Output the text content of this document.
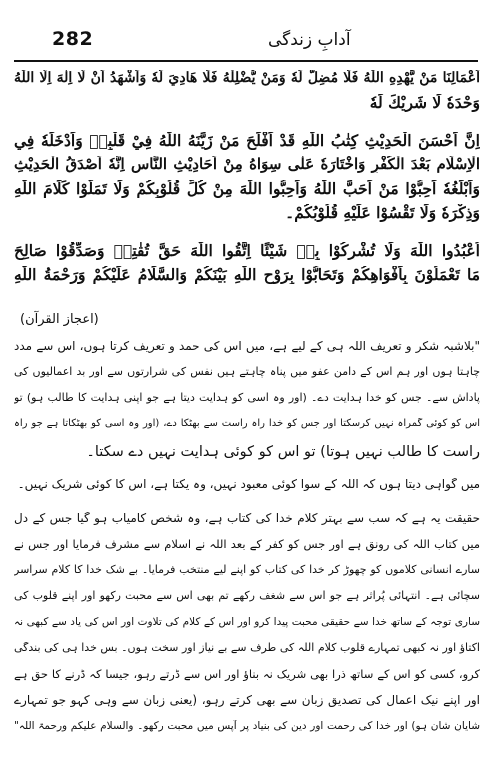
282	آدابِ زندگی
اَعْمَالِنَا مَنْ يَّهْدِهِ اللّٰهُ فَلَا مُضِلَّ لَهٗ وَمَنْ يُّضْلِلْهُ فَلَا هَادِيَ لَهٗ وَاَشْهَدُ اَنْ لَّا اِلٰهَ اِلَّا اللّٰهُ
وَحْدَهٗ لَا شَرِيْكَ لَهٗ
اِنَّ اَحْسَنَ الْحَدِيْثِ كِتٰبُ اللّٰهِ قَدْ اَفْلَحَ مَنْ زَيَّنَهُ اللّٰهُ فِيْ قَلْبِهٖ وَاَدْخَلَهٗ فِي
الْاِسْلَامِ بَعْدَ الْكُفْرِ وَاخْتَارَهٗ عَلٰى سِوَاهُ مِنْ اَحَادِيْثِ النَّاسِ اِنَّهٗ اَصْدَقُ الْحَدِيْثِ
وَاَبْلَغُهٗ اَحِبُّوْا مَنْ اَحَبَّ اللّٰهُ وَاَحِبُّوا اللّٰهَ مِنْ كُلِّ قُلُوْبِكُمْ وَلَا تَمَلُّوْا كَلَامَ اللّٰهِ
وَذِكْرَهٗ وَلَا تَقْسُوْا عَلَيْهِ قُلُوْبُكُمْ۔
اُعْبُدُوا اللّٰهَ وَلَا تُشْرِكُوْا بِهٖ شَيْئًا اِتَّقُوا اللّٰهَ حَقَّ تُقٰتِهٖ وَصَدِّقُوْا صَالِحَ
مَا تَعْمَلُوْنَ بِاَفْوَاهِكُمْ وَتَحَابُّوْا بِرَوْحِ اللّٰهِ بَيْنَكُمْ وَالسَّلَامُ عَلَيْكُمْ وَرَحْمَةُ اللّٰهِ
(اعجاز القرآن)
"بلاشبہ شکر و تعریف اللہ ہی کے لیے ہے، میں اس کی حمد و تعریف کرتا ہوں، اس سے مدد
چاہتا ہوں اور ہم اس کے دامن عفو میں پناہ چاہتے ہیں نفس کی شرارتوں سے اور بد اعمالیوں کی
پاداش سے۔ جس کو خدا ہدایت دے۔ (اور وہ اسی کو ہدایت دیتا ہے جو اپنی ہدایت کا طالب ہو) تو
اس کو کوئی گمراہ نہیں کرسکتا اور جس کو خدا راہ راست سے بھٹکا دے، (اور وہ اسی کو بھٹکاتا ہے جو راہ
راست کا طالب نہیں ہوتا) تو اس کو کوئی ہدایت نہیں دے سکتا۔
میں گواہی دیتا ہوں کہ اللہ کے سوا کوئی معبود نہیں، وہ یکتا ہے، اس کا کوئی شریک نہیں۔
حقیقت یہ ہے کہ سب سے بہتر کلام خدا کی کتاب ہے، وہ شخص کامیاب ہو گیا جس کے دل
میں کتاب اللہ کی رونق ہے اور جس کو کفر کے بعد اللہ نے اسلام سے مشرف فرمایا اور جس نے
سارے انسانی کلاموں کو چھوڑ کر خدا کی کتاب کو اپنے لیے منتخب فرمایا۔ بے شک خدا کا کلام سراسر
سچائی ہے۔ انتہائی پُراثر ہے جو اس سے شغف رکھے تم بھی اس سے محبت رکھو اور اپنے قلوب کی
ساری توجہ کے ساتھ خدا سے حقیقی محبت پیدا کرو اور اس کے کلام کی تلاوت اور اس کی یاد سے کبھی نہ
اکتاؤ اور نہ کبھی تمہارے قلوب کلام اللہ کی طرف سے بے نیاز اور سخت ہوں۔ بس خدا ہی کی بندگی
کرو، کسی کو اس کے ساتھ ذرا بھی شریک نہ بناؤ اور اس سے ڈرتے رہو، جیسا کہ ڈرنے کا حق ہے
اور اپنے نیک اعمال کی تصدیق زبان سے بھی کرتے رہو، (یعنی زبان سے وہی کہو جو تمہارے
شایانِ شان ہو) اور خدا کی رحمت اور دین کی بنیاد پر آپس میں محبت رکھو۔ والسلام علیکم ورحمۃ اللہ"
